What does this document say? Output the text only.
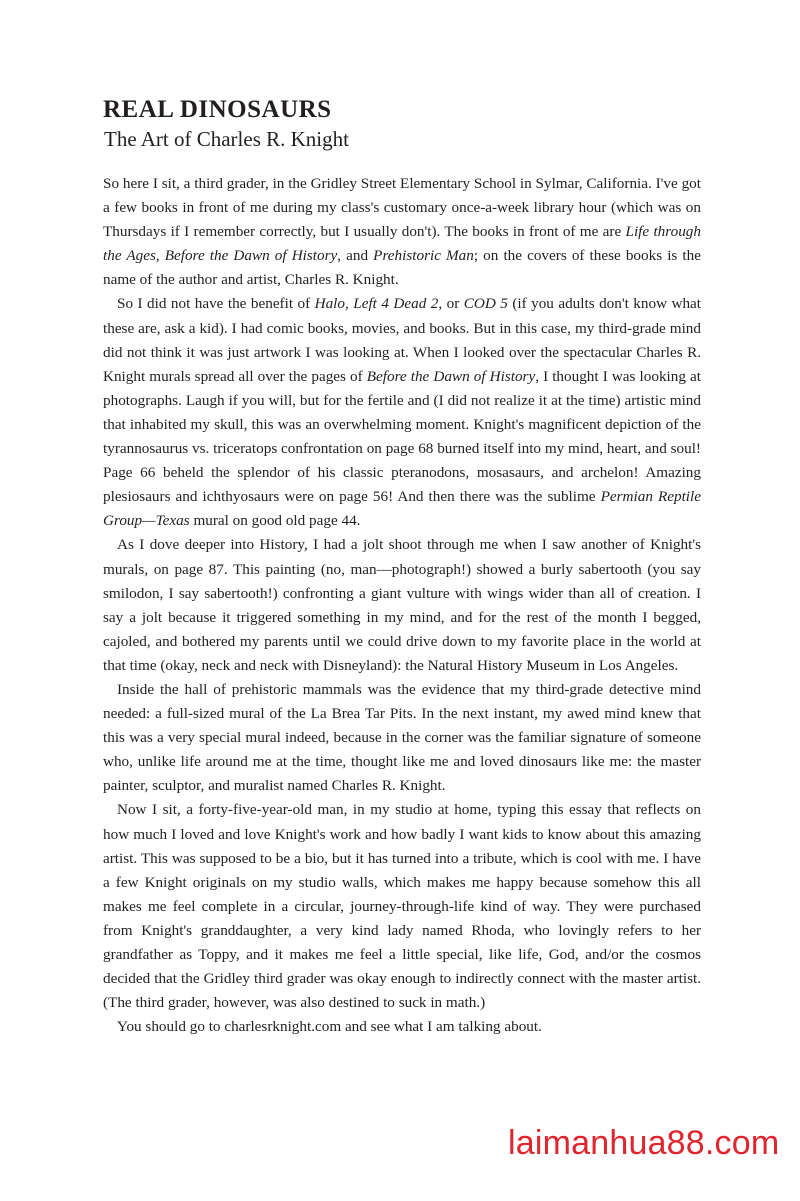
REAL DINOSAURS
The Art of Charles R. Knight

So here I sit, a third grader, in the Gridley Street Elementary School in Sylmar, California. I've got a few books in front of me during my class's customary once-a-week library hour (which was on Thursdays if I remember correctly, but I usually don't). The books in front of me are Life through the Ages, Before the Dawn of History, and Prehistoric Man; on the covers of these books is the name of the author and artist, Charles R. Knight.

So I did not have the benefit of Halo, Left 4 Dead 2, or COD 5 (if you adults don't know what these are, ask a kid). I had comic books, movies, and books. But in this case, my third-grade mind did not think it was just artwork I was looking at. When I looked over the spectacular Charles R. Knight murals spread all over the pages of Before the Dawn of History, I thought I was looking at photographs. Laugh if you will, but for the fertile and (I did not realize it at the time) artistic mind that inhabited my skull, this was an overwhelming moment. Knight's magnificent depiction of the tyrannosaurus vs. triceratops confrontation on page 68 burned itself into my mind, heart, and soul! Page 66 beheld the splendor of his classic pteranodons, mosasaurs, and archelon! Amazing plesiosaurs and ichthyosaurs were on page 56! And then there was the sublime Permian Reptile Group—Texas mural on good old page 44.

As I dove deeper into History, I had a jolt shoot through me when I saw another of Knight's murals, on page 87. This painting (no, man—photograph!) showed a burly sabertooth (you say smilodon, I say sabertooth!) confronting a giant vulture with wings wider than all of creation. I say a jolt because it triggered something in my mind, and for the rest of the month I begged, cajoled, and bothered my parents until we could drive down to my favorite place in the world at that time (okay, neck and neck with Disneyland): the Natural History Museum in Los Angeles.

Inside the hall of prehistoric mammals was the evidence that my third-grade detective mind needed: a full-sized mural of the La Brea Tar Pits. In the next instant, my awed mind knew that this was a very special mural indeed, because in the corner was the familiar signature of someone who, unlike life around me at the time, thought like me and loved dinosaurs like me: the master painter, sculptor, and muralist named Charles R. Knight.

Now I sit, a forty-five-year-old man, in my studio at home, typing this essay that reflects on how much I loved and love Knight's work and how badly I want kids to know about this amazing artist. This was supposed to be a bio, but it has turned into a tribute, which is cool with me. I have a few Knight originals on my studio walls, which makes me happy because somehow this all makes me feel complete in a circular, journey-through-life kind of way. They were purchased from Knight's granddaughter, a very kind lady named Rhoda, who lovingly refers to her grandfather as Toppy, and it makes me feel a little special, like life, God, and/or the cosmos decided that the Gridley third grader was okay enough to indirectly connect with the master artist. (The third grader, however, was also destined to suck in math.)

You should go to charlesrknight.com and see what I am talking about.

laimanhua88.com
